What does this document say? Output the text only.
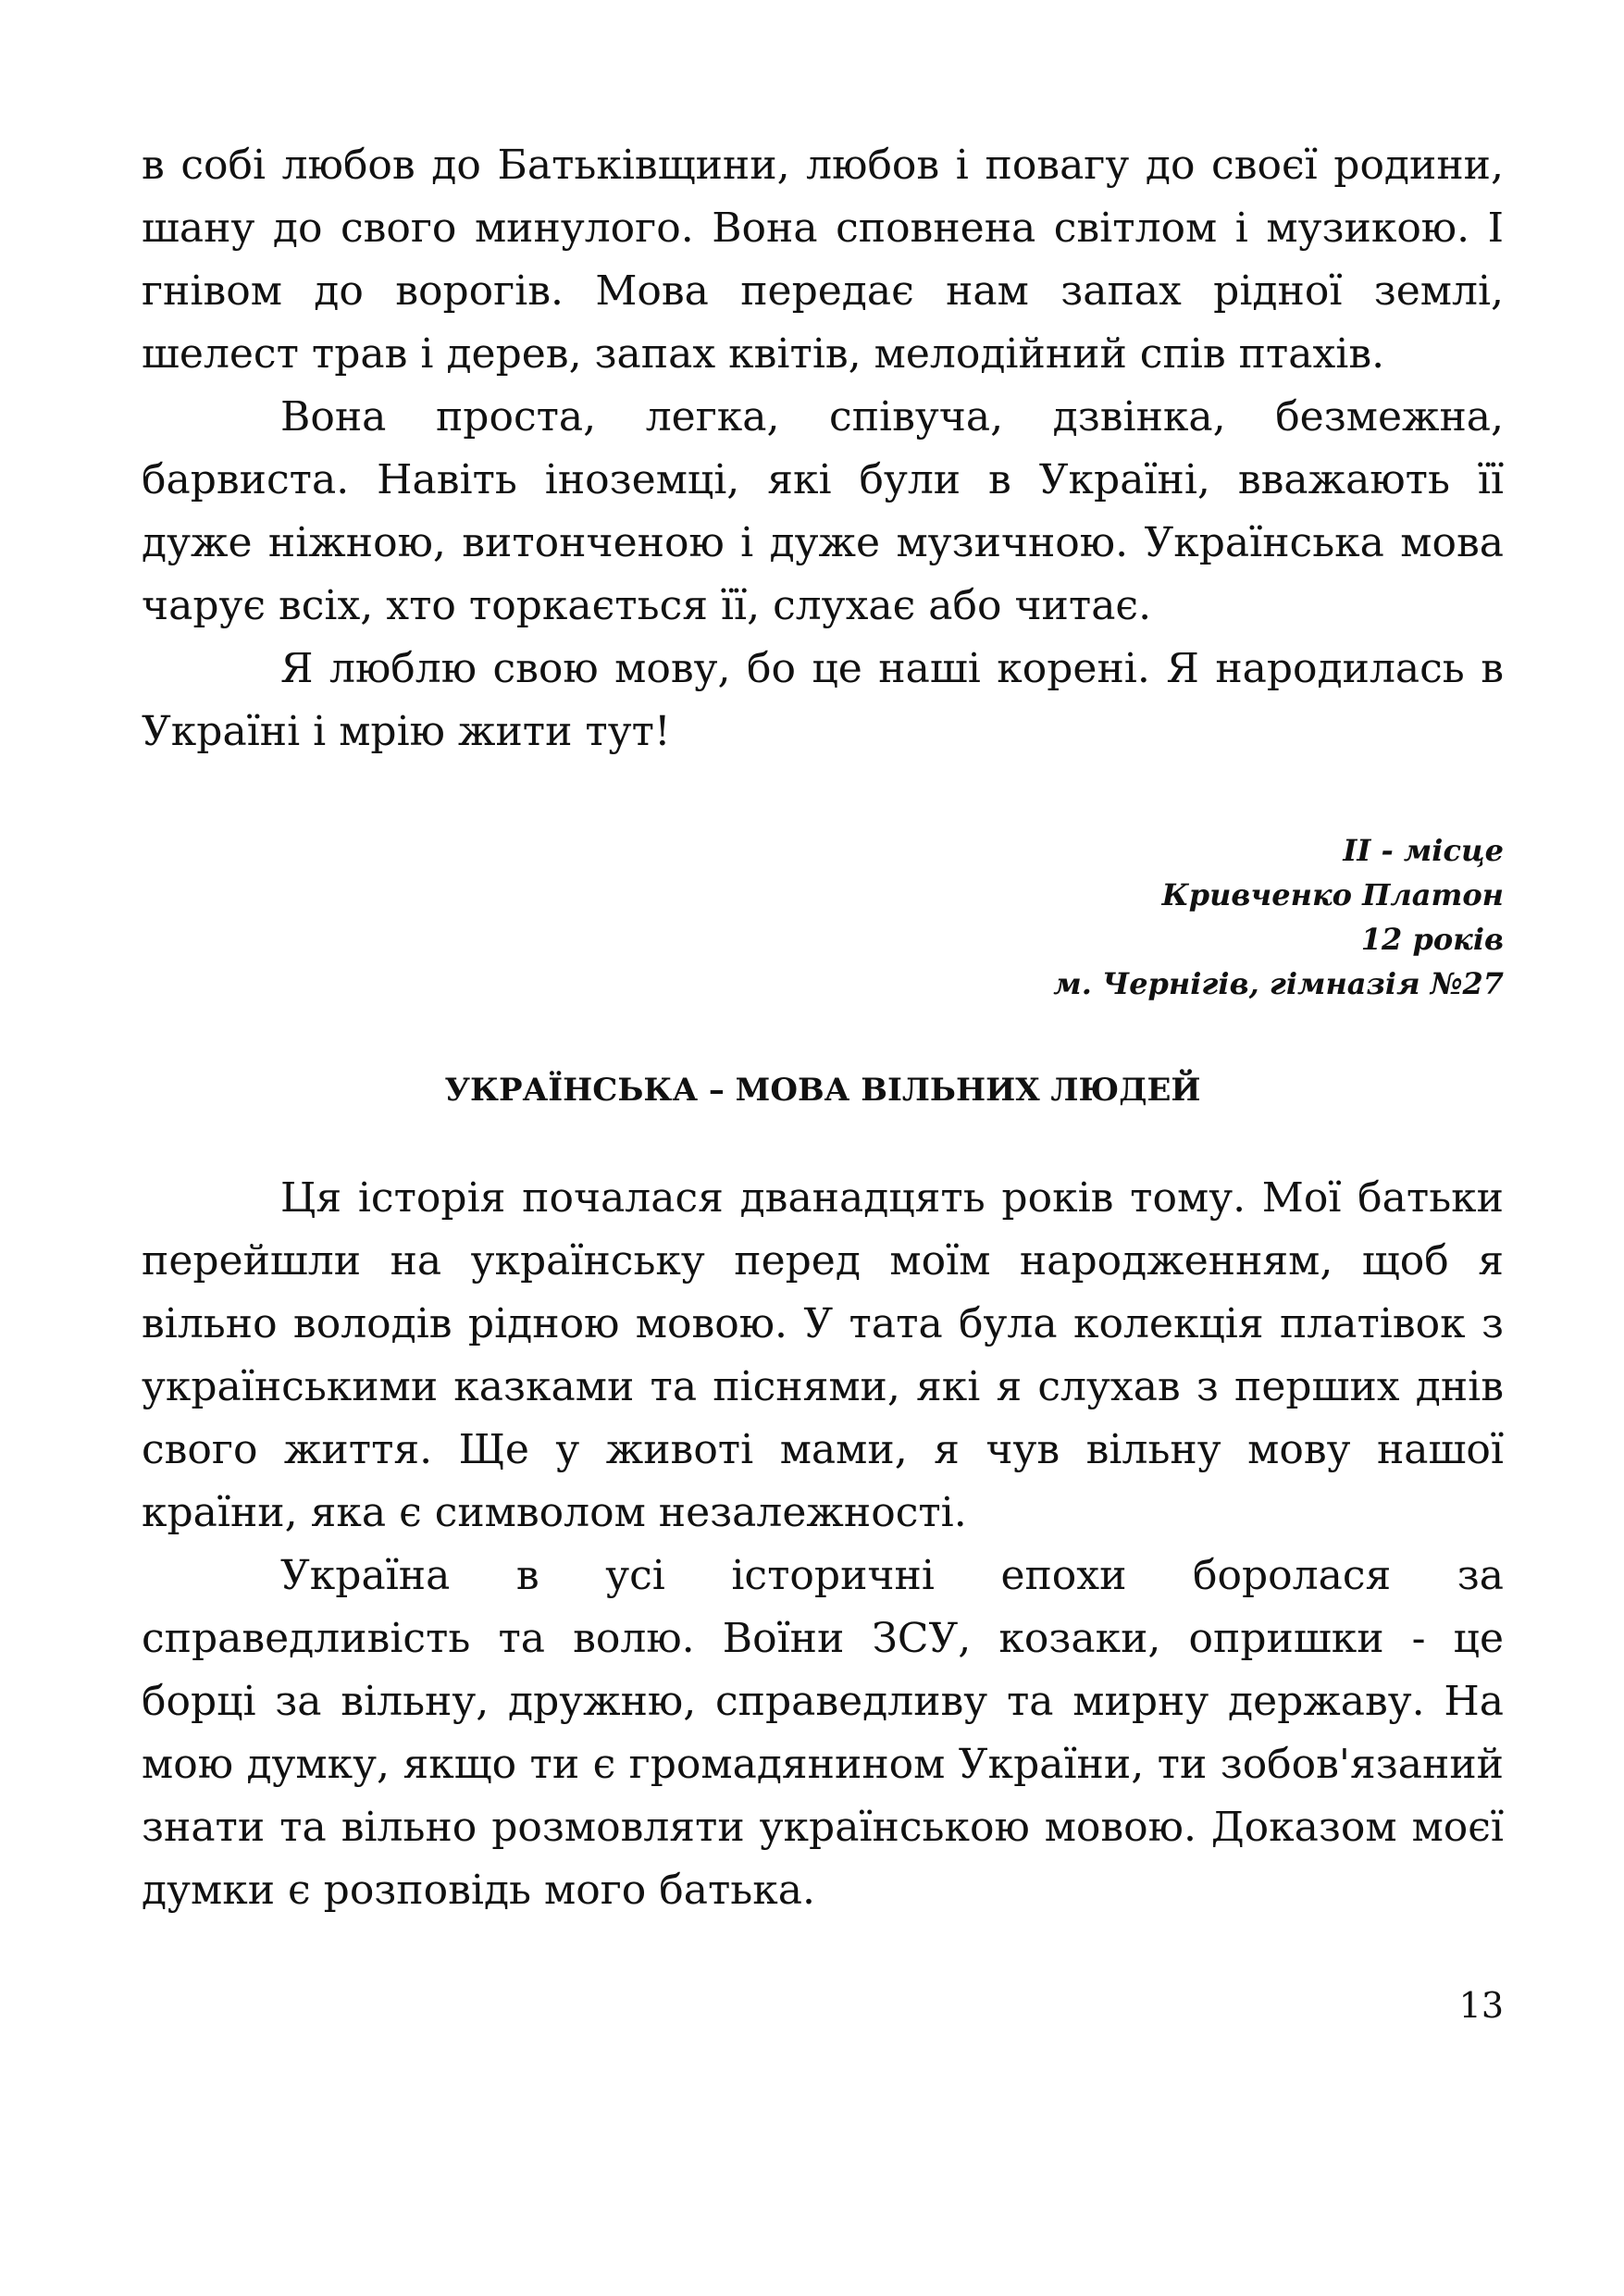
в собі любов до Батьківщини, любов і повагу до своєї родини, шану до свого минулого. Вона сповнена світлом і музикою. І гнівом до ворогів. Мова передає нам запах рідної землі, шелест трав і дерев, запах квітів, мелодійний спів птахів.

Вона проста, легка, співуча, дзвінка, безмежна, барвиста. Навіть іноземці, які були в Україні, вважають її дуже ніжною, витонченою і дуже музичною. Українська мова чарує всіх, хто торкається її, слухає або читає.

Я люблю свою мову, бо це наші корені. Я народилась в Україні і мрію жити тут!

II - місце
Кривченко Платон
12 років
м. Чернігів, гімназія №27
УКРАЇНСЬКА – МОВА ВІЛЬНИХ ЛЮДЕЙ

Ця історія почалася дванадцять років тому. Мої батьки перейшли на українську перед моїм народженням, щоб я вільно володів рідною мовою. У тата була колекція платівок з українськими казками та піснями, які я слухав з перших днів свого життя. Ще у животі мами, я чув вільну мову нашої країни, яка є символом незалежності.

Україна в усі історичні епохи боролася за справедливість та волю. Воїни ЗСУ, козаки, опришки - це борці за вільну, дружню, справедливу та мирну державу. На мою думку, якщо ти є громадянином України, ти зобов'язаний знати та вільно розмовляти українською мовою. Доказом моєї думки є розповідь мого батька.

13
